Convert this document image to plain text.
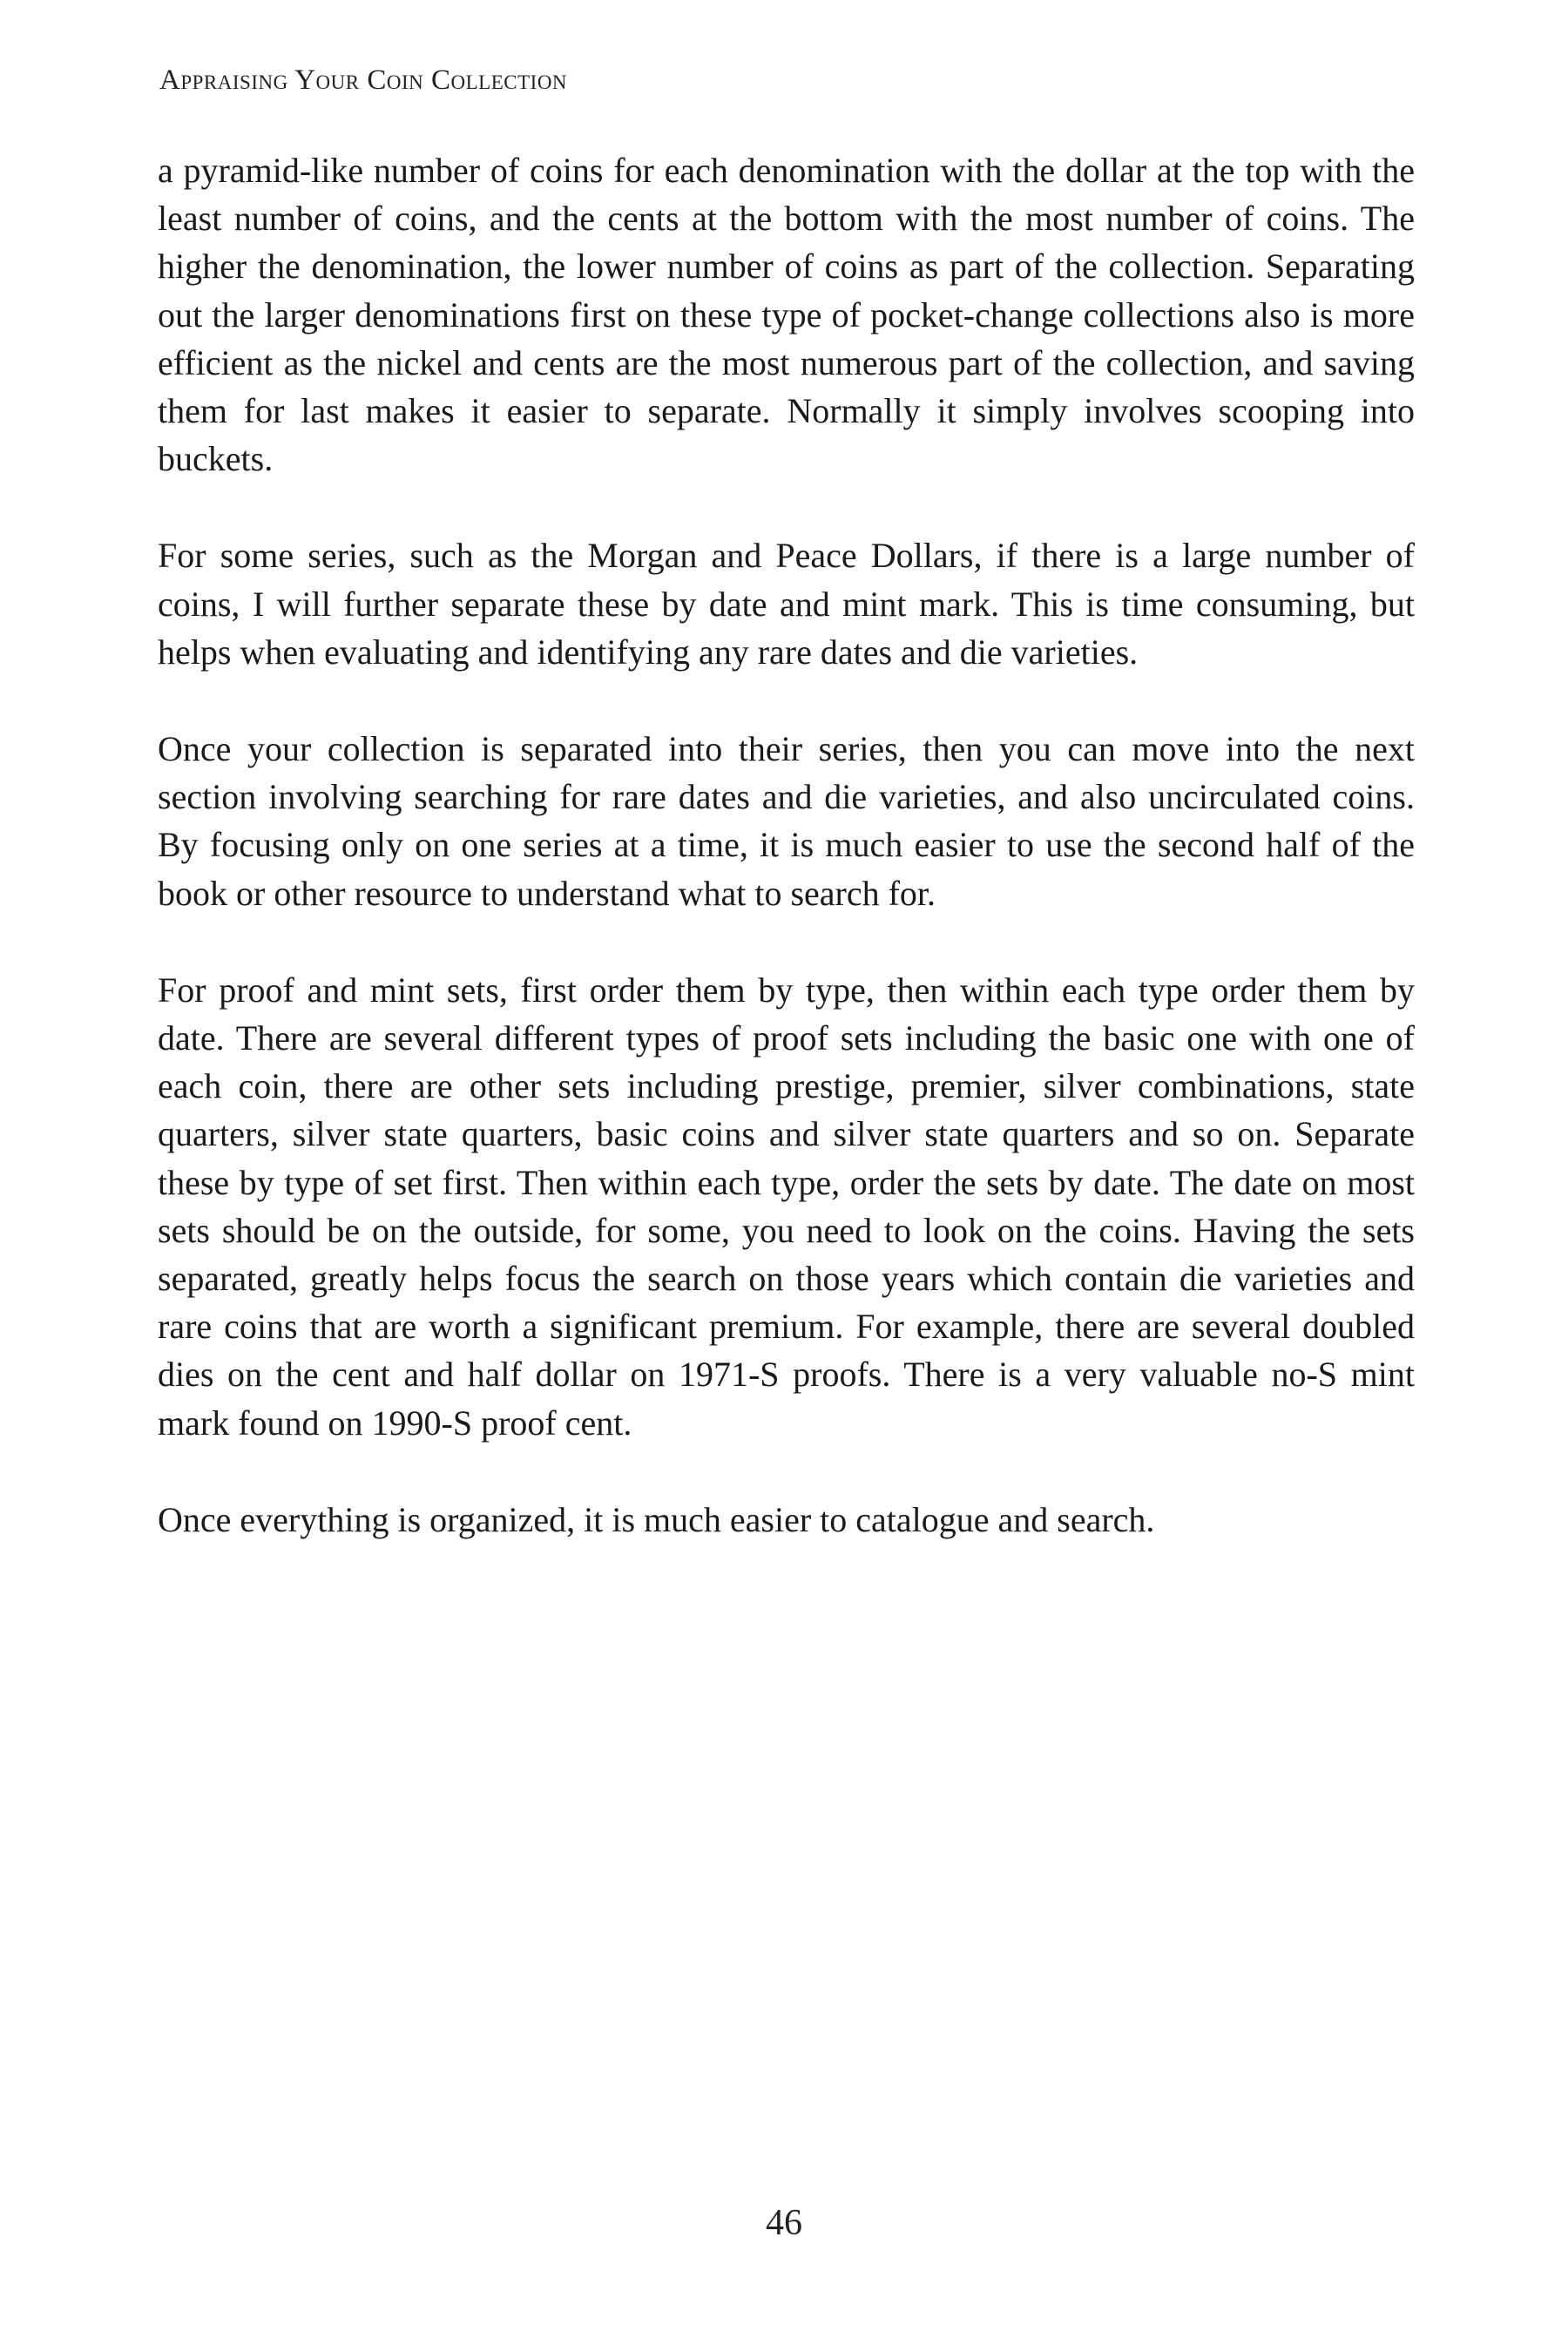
Appraising Your Coin Collection

a pyramid-like number of coins for each denomination with the dollar at the top with the least number of coins, and the cents at the bottom with the most number of coins. The higher the denomination, the lower number of coins as part of the collection. Separating out the larger denominations first on these type of pocket-change collections also is more efficient as the nickel and cents are the most numerous part of the collection, and saving them for last makes it easier to separate. Normally it simply involves scooping into buckets.

For some series, such as the Morgan and Peace Dollars, if there is a large number of coins, I will further separate these by date and mint mark. This is time consuming, but helps when evaluating and identifying any rare dates and die varieties.

Once your collection is separated into their series, then you can move into the next section involving searching for rare dates and die varieties, and also uncirculated coins. By focusing only on one series at a time, it is much easier to use the second half of the book or other resource to understand what to search for.

For proof and mint sets, first order them by type, then within each type order them by date. There are several different types of proof sets including the basic one with one of each coin, there are other sets including prestige, premier, silver combinations, state quarters, silver state quarters, basic coins and silver state quarters and so on. Separate these by type of set first. Then within each type, order the sets by date. The date on most sets should be on the outside, for some, you need to look on the coins. Having the sets separated, greatly helps focus the search on those years which contain die varieties and rare coins that are worth a significant premium. For example, there are several doubled dies on the cent and half dollar on 1971-S proofs. There is a very valuable no-S mint mark found on 1990-S proof cent.

Once everything is organized, it is much easier to catalogue and search.

46
